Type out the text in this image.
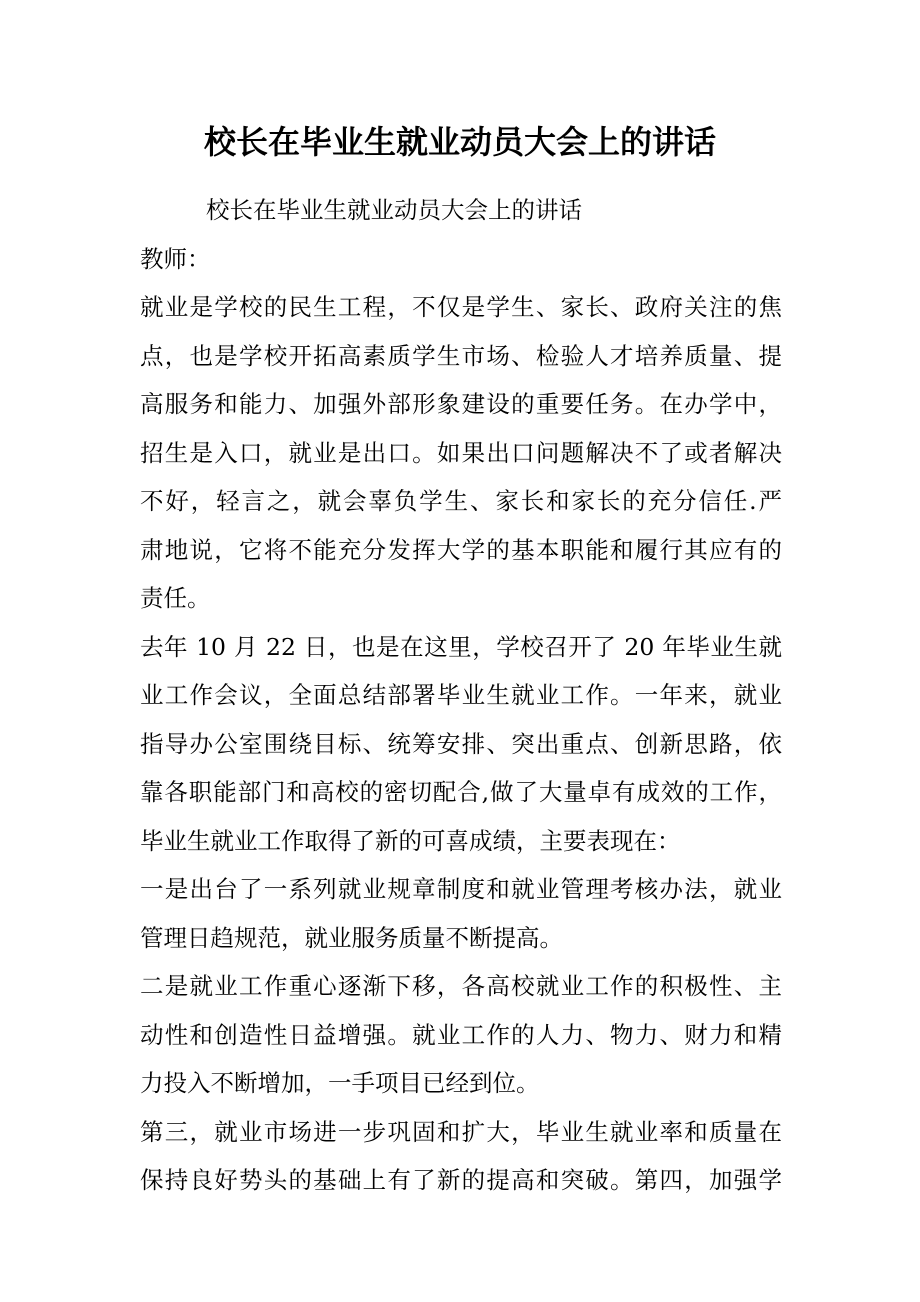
校长在毕业生就业动员大会上的讲话
校长在毕业生就业动员大会上的讲话
教师：
就业是学校的民生工程，不仅是学生、家长、政府关注的焦
点，也是学校开拓高素质学生市场、检验人才培养质量、提
高服务和能力、加强外部形象建设的重要任务。在办学中，
招生是入口，就业是出口。如果出口问题解决不了或者解决
不好，轻言之，就会辜负学生、家长和家长的充分信任.严
肃地说，它将不能充分发挥大学的基本职能和履行其应有的
责任。
去年 10 月 22 日，也是在这里，学校召开了 20 年毕业生就
业工作会议，全面总结部署毕业生就业工作。一年来，就业
指导办公室围绕目标、统筹安排、突出重点、创新思路，依
靠各职能部门和高校的密切配合,做了大量卓有成效的工作，
毕业生就业工作取得了新的可喜成绩，主要表现在：
一是出台了一系列就业规章制度和就业管理考核办法，就业
管理日趋规范，就业服务质量不断提高。
二是就业工作重心逐渐下移，各高校就业工作的积极性、主
动性和创造性日益增强。就业工作的人力、物力、财力和精
力投入不断增加，一手项目已经到位。
第三，就业市场进一步巩固和扩大，毕业生就业率和质量在
保持良好势头的基础上有了新的提高和突破。第四，加强学
